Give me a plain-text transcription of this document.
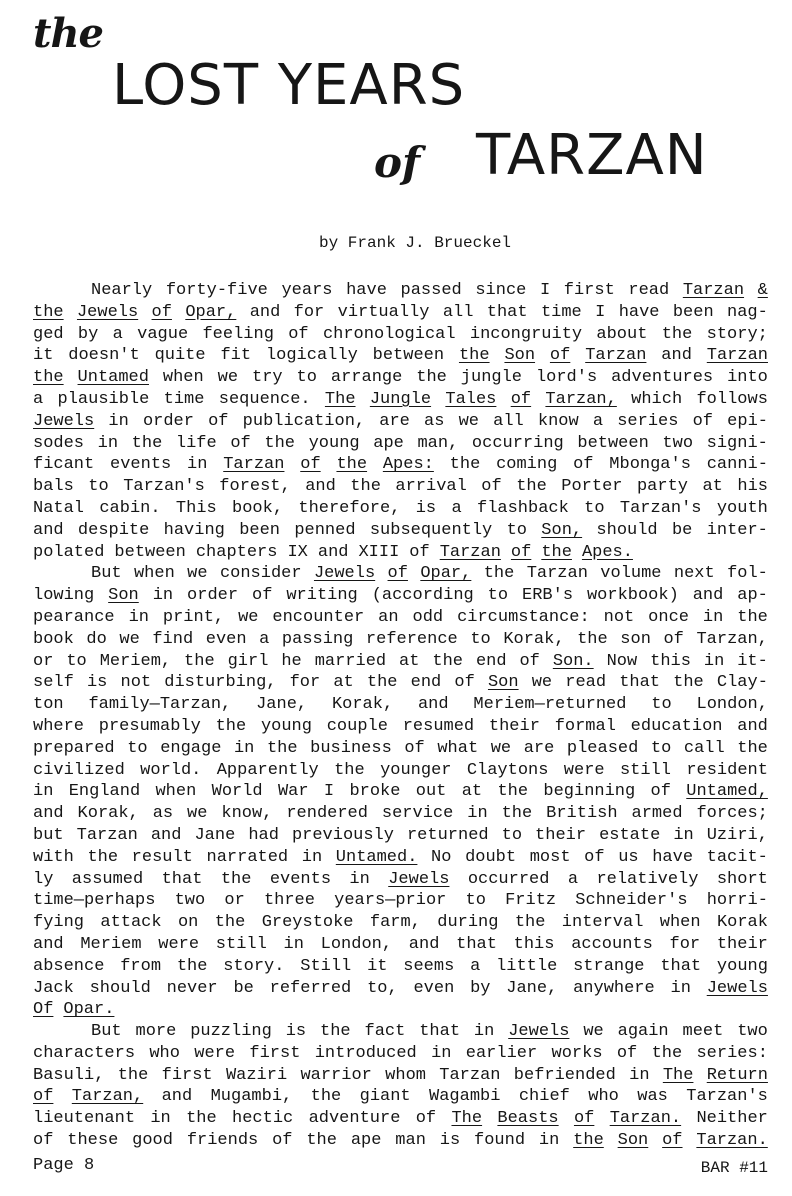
the
LOST YEARS
of TARZAN
by Frank J. Brueckel
Nearly forty-five years have passed since I first read Tarzan &
the Jewels of Opar, and for virtually all that time I have been nag-
ged by a vague feeling of chronological incongruity about the story;
it doesn't quite fit logically between the Son of Tarzan and Tarzan
the Untamed when we try to arrange the jungle lord's adventures into
a plausible time sequence. The Jungle Tales of Tarzan, which follows
Jewels in order of publication, are as we all know a series of epi-
sodes in the life of the young ape man, occurring between two signi-
ficant events in Tarzan of the Apes: the coming of Mbonga's canni-
bals to Tarzan's forest, and the arrival of the Porter party at his
Natal cabin. This book, therefore, is a flashback to Tarzan's youth
and despite having been penned subsequently to Son, should be inter-
polated between chapters IX and XIII of Tarzan of the Apes.
But when we consider Jewels of Opar, the Tarzan volume next fol-
lowing Son in order of writing (according to ERB's workbook) and ap-
pearance in print, we encounter an odd circumstance: not once in the
book do we find even a passing reference to Korak, the son of Tarzan,
or to Meriem, the girl he married at the end of Son. Now this in it-
self is not disturbing, for at the end of Son we read that the Clay-
ton family—Tarzan, Jane, Korak, and Meriem—returned to London,
where presumably the young couple resumed their formal education and
prepared to engage in the business of what we are pleased to call the
civilized world. Apparently the younger Claytons were still resident
in England when World War I broke out at the beginning of Untamed,
and Korak, as we know, rendered service in the British armed forces;
but Tarzan and Jane had previously returned to their estate in Uziri,
with the result narrated in Untamed. No doubt most of us have tacit-
ly assumed that the events in Jewels occurred a relatively short
time—perhaps two or three years—prior to Fritz Schneider's horri-
fying attack on the Greystoke farm, during the interval when Korak
and Meriem were still in London, and that this accounts for their
absence from the story. Still it seems a little strange that young
Jack should never be referred to, even by Jane, anywhere in Jewels
Of Opar.
But more puzzling is the fact that in Jewels we again meet two
characters who were first introduced in earlier works of the series:
Basuli, the first Waziri warrior whom Tarzan befriended in The Return
of Tarzan, and Mugambi, the giant Wagambi chief who was Tarzan's
lieutenant in the hectic adventure of The Beasts of Tarzan. Neither
of these good friends of the ape man is found in the Son of Tarzan.
Page 8	BAR #11
